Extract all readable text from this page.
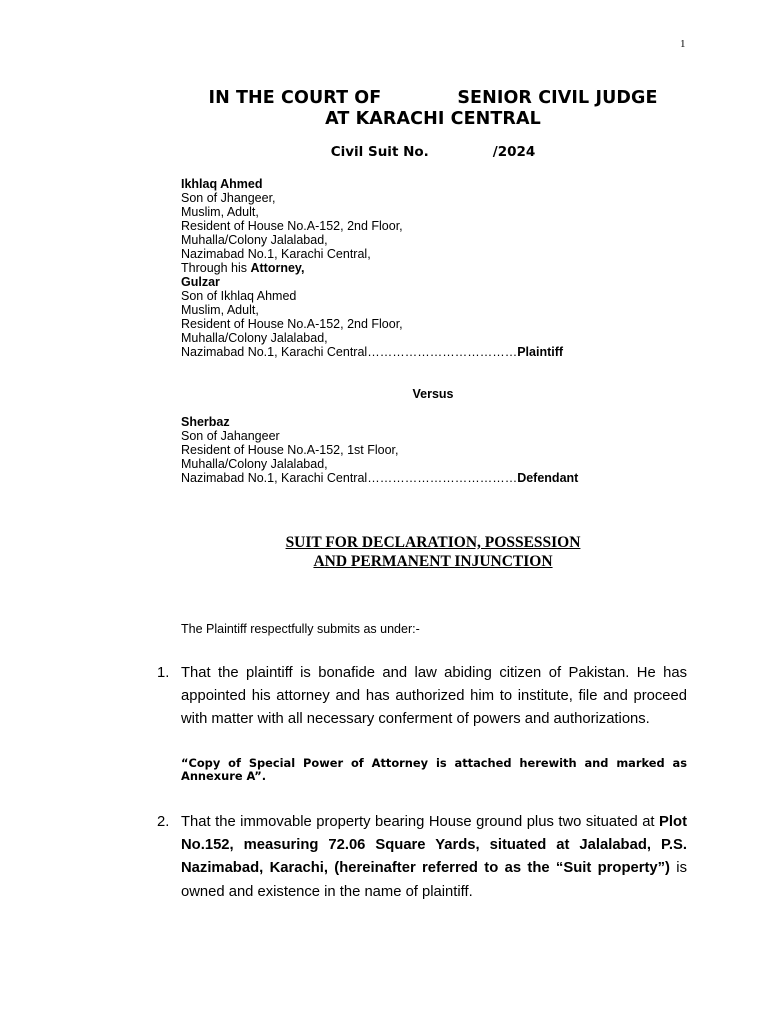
1
IN THE COURT OF	SENIOR CIVIL JUDGE
AT KARACHI CENTRAL
Civil Suit No.	/2024
Ikhlaq Ahmed
Son of Jhangeer,
Muslim, Adult,
Resident of House No.A-152, 2nd Floor,
Muhalla/Colony Jalalabad,
Nazimabad No.1, Karachi Central,
Through his Attorney,
Gulzar
Son of Ikhlaq Ahmed
Muslim, Adult,
Resident of House No.A-152, 2nd Floor,
Muhalla/Colony Jalalabad,
Nazimabad No.1, Karachi Central………………………………Plaintiff
Versus
Sherbaz
Son of Jahangeer
Resident of House No.A-152, 1st Floor,
Muhalla/Colony Jalalabad,
Nazimabad No.1, Karachi Central………………………………Defendant
SUIT FOR DECLARATION, POSSESSION
AND PERMANENT INJUNCTION
The Plaintiff respectfully submits as under:-
1. That the plaintiff is bonafide and law abiding citizen of Pakistan. He has appointed his attorney and has authorized him to institute, file and proceed with matter with all necessary conferment of powers and authorizations.
“Copy of Special Power of Attorney is attached herewith and marked as Annexure A”.
2. That the immovable property bearing House ground plus two situated at Plot No.152, measuring 72.06 Square Yards, situated at Jalalabad, P.S. Nazimabad, Karachi, (hereinafter referred to as the “Suit property”) is owned and existence in the name of plaintiff.
